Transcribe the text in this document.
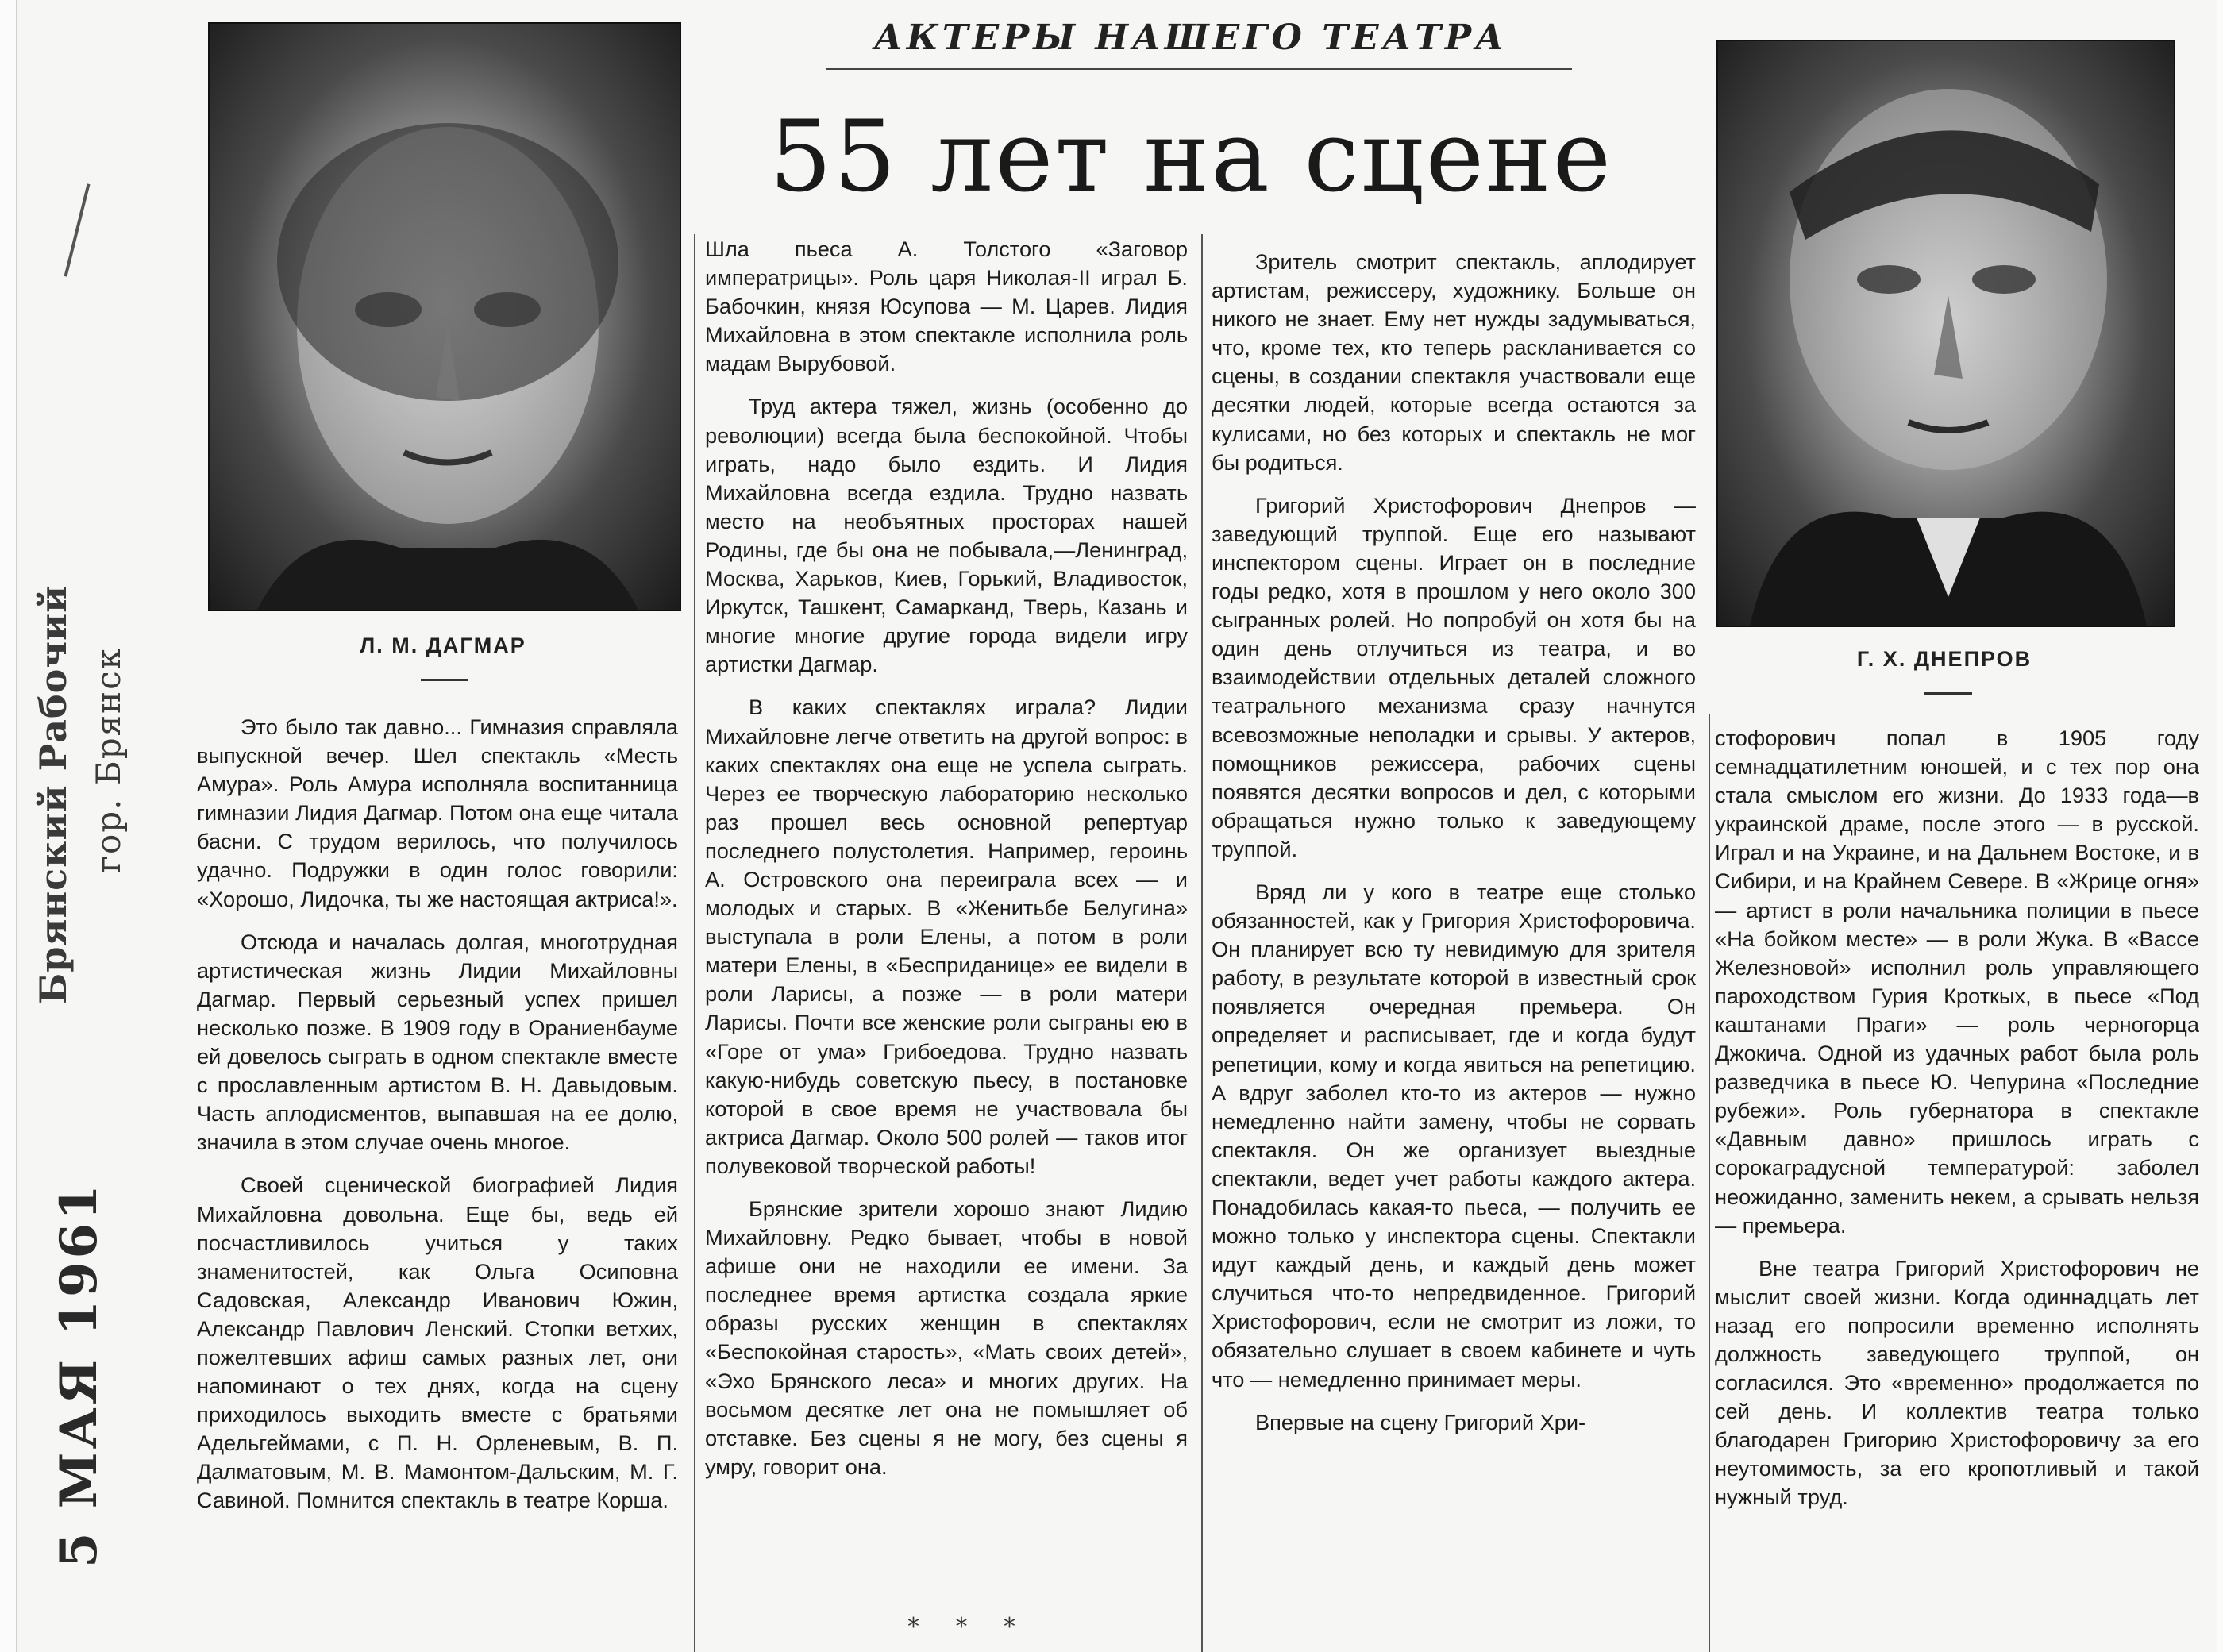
Брянский Рабочий гор. Брянск
5 МАЯ 1961
АКТЕРЫ НАШЕГО ТЕАТРА
55 лет на сцене
Л. М. ДАГМАР
Г. Х. ДНЕПРОВ

Это было так давно... Гимназия справляла выпускной вечер. Шел спектакль «Месть Амура». Роль Амура исполняла воспитанница гимназии Лидия Дагмар. Потом она еще читала басни. С трудом верилось, что получилось удачно. Подружки в один голос говорили: «Хорошо, Лидочка, ты же настоящая актриса!».

Отсюда и началась долгая, многотрудная артистическая жизнь Лидии Михайловны Дагмар. Первый серьезный успех пришел несколько позже. В 1909 году в Ораниенбауме ей довелось сыграть в одном спектакле вместе с прославленным артистом В. Н. Давыдовым. Часть аплодисментов, выпавшая на ее долю, значила в этом случае очень многое.

Своей сценической биографией Лидия Михайловна довольна. Еще бы, ведь ей посчастливилось учиться у таких знаменитостей, как Ольга Осиповна Садовская, Александр Иванович Южин, Александр Павлович Ленский. Стопки ветхих, пожелтевших афиш самых разных лет, они напоминают о тех днях, когда на сцену приходилось выходить вместе с братьями Адельгеймами, с П. Н. Орленевым, В. П. Далматовым, М. В. Мамонтом-Дальским, М. Г. Савиной. Помнится спектакль в театре Корша.

Шла пьеса А. Толстого «Заговор императрицы». Роль царя Николая-II играл Б. Бабочкин, князя Юсупова — М. Царев. Лидия Михайловна в этом спектакле исполнила роль мадам Вырубовой.

Труд актера тяжел, жизнь (особенно до революции) всегда была беспокойной. Чтобы играть, надо было ездить. И Лидия Михайловна всегда ездила. Трудно назвать место на необъятных просторах нашей Родины, где бы она не побывала,—Ленинград, Москва, Харьков, Киев, Горький, Владивосток, Иркутск, Ташкент, Самарканд, Тверь, Казань и многие многие другие города видели игру артистки Дагмар.

В каких спектаклях играла? Лидии Михайловне легче ответить на другой вопрос: в каких спектаклях она еще не успела сыграть. Через ее творческую лабораторию несколько раз прошел весь основной репертуар последнего полустолетия. Например, героинь А. Островского она переиграла всех — и молодых и старых. В «Женитьбе Белугина» выступала в роли Елены, а потом в роли матери Елены, в «Бесприданице» ее видели в роли Ларисы, а позже — в роли матери Ларисы. Почти все женские роли сыграны ею в «Горе от ума» Грибоедова. Трудно назвать какую-нибудь советскую пьесу, в постановке которой в свое время не участвовала бы актриса Дагмар. Около 500 ролей — таков итог полувековой творческой работы!

Брянские зрители хорошо знают Лидию Михайловну. Редко бывает, чтобы в новой афише они не находили ее имени. За последнее время артистка создала яркие образы русских женщин в спектаклях «Беспокойная старость», «Мать своих детей», «Эхо Брянского леса» и многих других. На восьмом десятке лет она не помышляет об отставке. Без сцены я не могу, без сцены я умру, говорит она.

* * *

Зритель смотрит спектакль, аплодирует артистам, режиссеру, художнику. Больше он никого не знает. Ему нет нужды задумываться, что, кроме тех, кто теперь раскланивается со сцены, в создании спектакля участвовали еще десятки людей, которые всегда остаются за кулисами, но без которых и спектакль не мог бы родиться.

Григорий Христофорович Днепров — заведующий труппой. Еще его называют инспектором сцены. Играет он в последние годы редко, хотя в прошлом у него около 300 сыгранных ролей. Но попробуй он хотя бы на один день отлучиться из театра, и во взаимодействии отдельных деталей сложного театрального механизма сразу начнутся всевозможные неполадки и срывы. У актеров, помощников режиссера, рабочих сцены появятся десятки вопросов и дел, с которыми обращаться нужно только к заведующему труппой.

Вряд ли у кого в театре еще столько обязанностей, как у Григория Христофоровича. Он планирует всю ту невидимую для зрителя работу, в результате которой в известный срок появляется очередная премьера. Он определяет и расписывает, где и когда будут репетиции, кому и когда явиться на репетицию. А вдруг заболел кто-то из актеров — нужно немедленно найти замену, чтобы не сорвать спектакля. Он же организует выездные спектакли, ведет учет работы каждого актера. Понадобилась какая-то пьеса, — получить ее можно только у инспектора сцены. Спектакли идут каждый день, и каждый день может случиться что-то непредвиденное. Григорий Христофорович, если не смотрит из ложи, то обязательно слушает в своем кабинете и чуть что — немедленно принимает меры.

Впервые на сцену Григорий Хри-

стофорович попал в 1905 году семнадцатилетним юношей, и с тех пор она стала смыслом его жизни. До 1933 года—в украинской драме, после этого — в русской. Играл и на Украине, и на Дальнем Востоке, и в Сибири, и на Крайнем Севере. В «Жрице огня» — артист в роли начальника полиции в пьесе «На бойком месте» — в роли Жука. В «Вассе Железновой» исполнил роль управляющего пароходством Гурия Кроткых, в пьесе «Под каштанами Праги» — роль черногорца Джокича. Одной из удачных работ была роль разведчика в пьесе Ю. Чепурина «Последние рубежи». Роль губернатора в спектакле «Давным давно» пришлось играть с сорокаградусной температурой: заболел неожиданно, заменить некем, а срывать нельзя — премьера.

Вне театра Григорий Христофорович не мыслит своей жизни. Когда одиннадцать лет назад его попросили временно исполнять должность заведующего труппой, он согласился. Это «временно» продолжается по сей день. И коллектив театра только благодарен Григорию Христофоровичу за его неутомимость, за его кропотливый и такой нужный труд.
